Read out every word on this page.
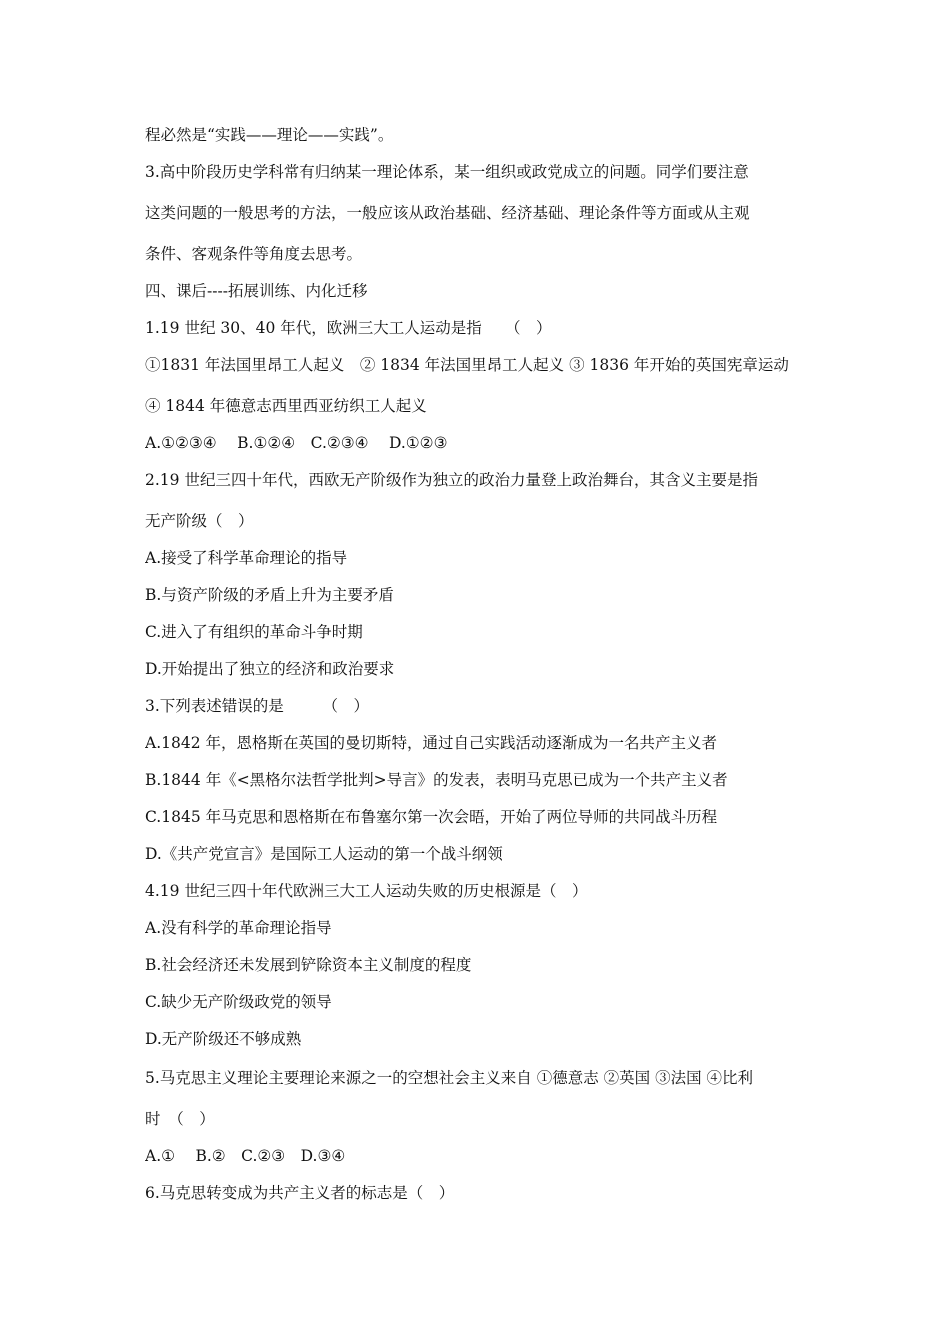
程必然是“实践——理论——实践”。
3.高中阶段历史学科常有归纳某一理论体系，某一组织或政党成立的问题。同学们要注意
这类问题的一般思考的方法，一般应该从政治基础、经济基础、理论条件等方面或从主观
条件、客观条件等角度去思考。
四、课后----拓展训练、内化迁移
1.19 世纪 30、40 年代，欧洲三大工人运动是指　　（　）
①1831 年法国里昂工人起义　② 1834 年法国里昂工人起义 ③ 1836 年开始的英国宪章运动
④ 1844 年德意志西里西亚纺织工人起义
A.①②③④　 B.①②④　C.②③④　 D.①②③
2.19 世纪三四十年代，西欧无产阶级作为独立的政治力量登上政治舞台，其含义主要是指
无产阶级（　）
A.接受了科学革命理论的指导
B.与资产阶级的矛盾上升为主要矛盾
C.进入了有组织的革命斗争时期
D.开始提出了独立的经济和政治要求
3.下列表述错误的是　　　（　）
A.1842 年，恩格斯在英国的曼切斯特，通过自己实践活动逐渐成为一名共产主义者
B.1844 年《<黑格尔法哲学批判>导言》的发表，表明马克思已成为一个共产主义者
C.1845 年马克思和恩格斯在布鲁塞尔第一次会晤，开始了两位导师的共同战斗历程
D.《共产党宣言》是国际工人运动的第一个战斗纲领
4.19 世纪三四十年代欧洲三大工人运动失败的历史根源是（　）
A.没有科学的革命理论指导
B.社会经济还未发展到铲除资本主义制度的程度
C.缺少无产阶级政党的领导
D.无产阶级还不够成熟
5.马克思主义理论主要理论来源之一的空想社会主义来自 ①德意志 ②英国 ③法国 ④比利
时　（　）
A.①　 B.②　C.②③　D.③④
6.马克思转变成为共产主义者的标志是（　）
